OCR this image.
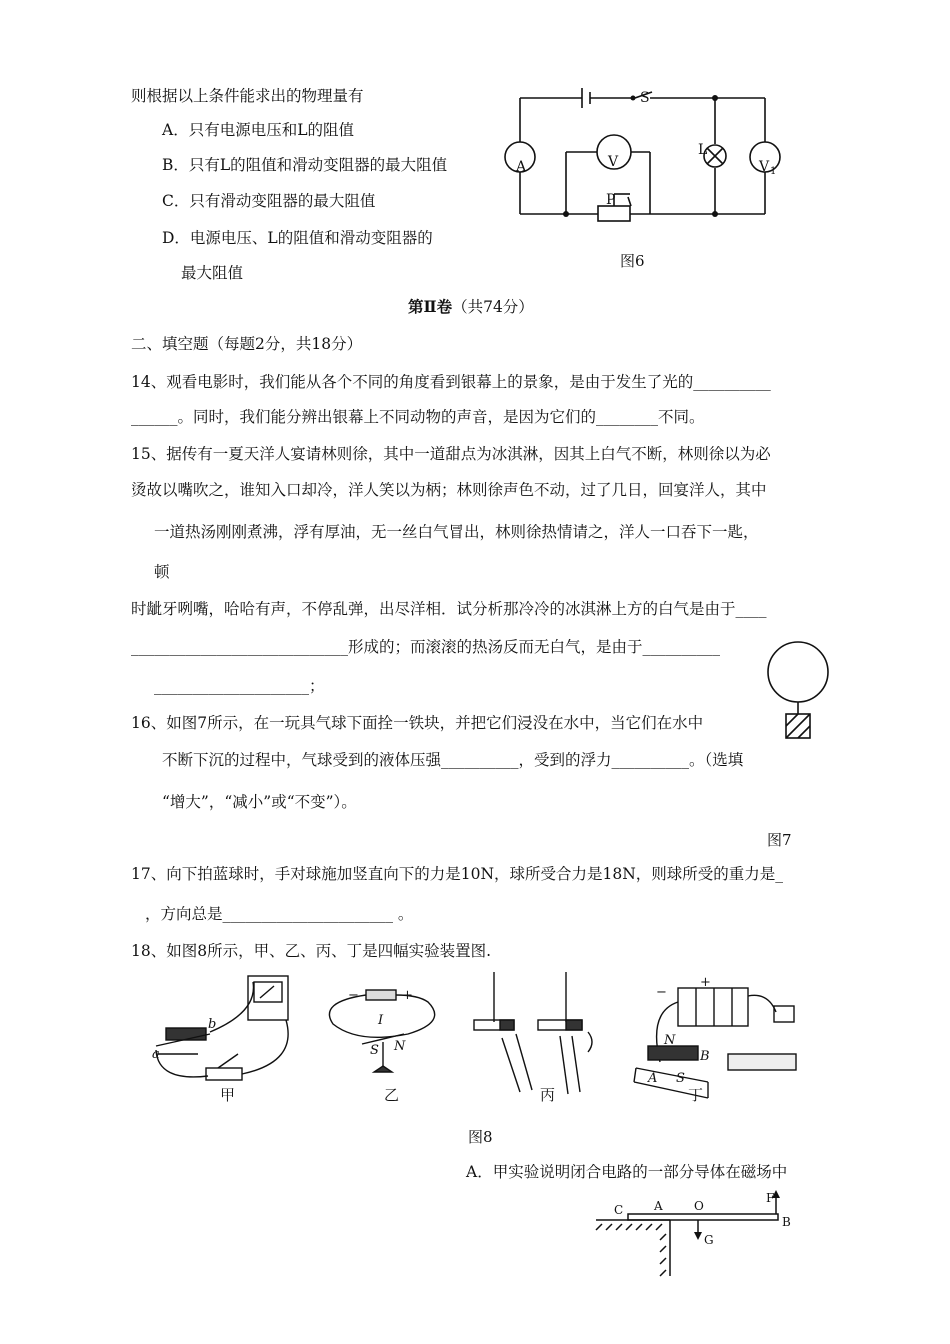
则根据以上条件能求出的物理量有
A．只有电源电压和L的阻值
B．只有L的阻值和滑动变阻器的最大阻值
C．只有滑动变阻器的最大阻值
D．电源电压、L的阻值和滑动变阻器的
最大阻值
S
A	V
L
V 1
P
图6
第Ⅱ卷（共74分）
二、填空题（每题2分，共18分）
14、观看电影时，我们能从各个不同的角度看到银幕上的景象，是由于发生了光的__________
______。同时，我们能分辨出银幕上不同动物的声音，是因为它们的________不同。
15、据传有一夏天洋人宴请林则徐，其中一道甜点为冰淇淋，因其上白气不断，林则徐以为必
烫故以嘴吹之，谁知入口却冷，洋人笑以为柄；林则徐声色不动，过了几日，回宴洋人，其中
一道热汤刚刚煮沸，浮有厚油，无一丝白气冒出，林则徐热情请之，洋人一口吞下一匙，
顿
时龇牙咧嘴，哈哈有声，不停乱弹，出尽洋相．试分析那冷冷的冰淇淋上方的白气是由于____
____________________________形成的；而滚滚的热汤反而无白气，是由于__________
____________________；
16、如图7所示，在一玩具气球下面拴一铁块，并把它们浸没在水中，当它们在水中
不断下沉的过程中，气球受到的液体压强__________，受到的浮力__________。（选填
“增大”，“减小”或“不变”）。
图7
17、向下拍蓝球时，手对球施加竖直向下的力是10N，球所受合力是18N，则球所受的重力是_
，方向总是______________________ 。
18、如图8所示，甲、乙、丙、丁是四幅实验装置图.
a
b
−	+
I
S N
−
+
N
B
A S
甲	乙	丙	丁
图8
A．甲实验说明闭合电路的一部分导体在磁场中
C	A	O
F
B
G
